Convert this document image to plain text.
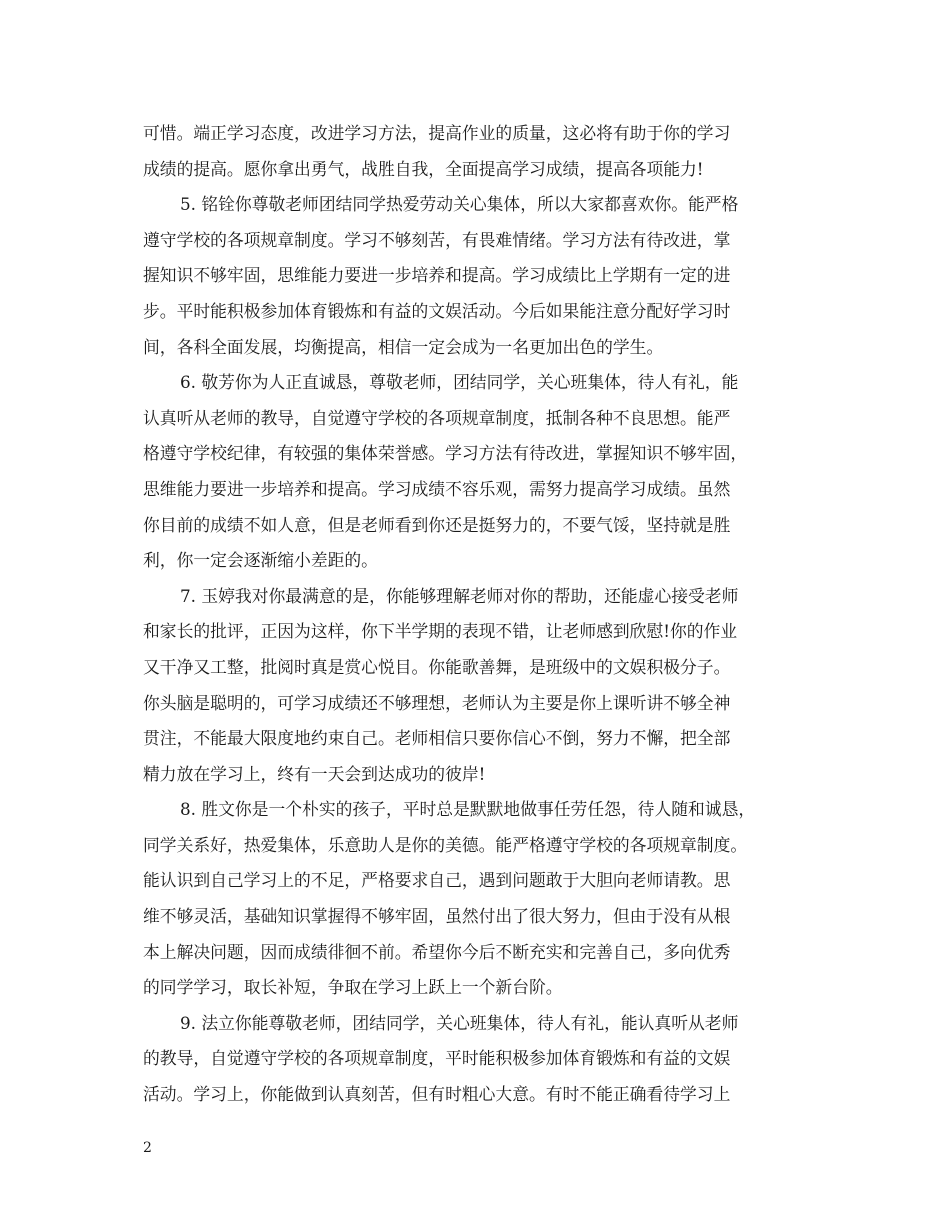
可惜。端正学习态度，改进学习方法，提高作业的质量，这必将有助于你的学习
成绩的提高。愿你拿出勇气，战胜自我，全面提高学习成绩，提高各项能力!
5. 铭铨你尊敬老师团结同学热爱劳动关心集体，所以大家都喜欢你。能严格
遵守学校的各项规章制度。学习不够刻苦，有畏难情绪。学习方法有待改进，掌
握知识不够牢固，思维能力要进一步培养和提高。学习成绩比上学期有一定的进
步。平时能积极参加体育锻炼和有益的文娱活动。今后如果能注意分配好学习时
间，各科全面发展，均衡提高，相信一定会成为一名更加出色的学生。
6. 敬芳你为人正直诚恳，尊敬老师，团结同学，关心班集体，待人有礼，能
认真听从老师的教导，自觉遵守学校的各项规章制度，抵制各种不良思想。能严
格遵守学校纪律，有较强的集体荣誉感。学习方法有待改进，掌握知识不够牢固，
思维能力要进一步培养和提高。学习成绩不容乐观，需努力提高学习成绩。虽然
你目前的成绩不如人意，但是老师看到你还是挺努力的，不要气馁，坚持就是胜
利，你一定会逐渐缩小差距的。
7. 玉婷我对你最满意的是，你能够理解老师对你的帮助，还能虚心接受老师
和家长的批评，正因为这样，你下半学期的表现不错，让老师感到欣慰!你的作业
又干净又工整，批阅时真是赏心悦目。你能歌善舞，是班级中的文娱积极分子。
你头脑是聪明的，可学习成绩还不够理想，老师认为主要是你上课听讲不够全神
贯注，不能最大限度地约束自己。老师相信只要你信心不倒，努力不懈，把全部
精力放在学习上，终有一天会到达成功的彼岸!
8. 胜文你是一个朴实的孩子，平时总是默默地做事任劳任怨，待人随和诚恳，
同学关系好，热爱集体，乐意助人是你的美德。能严格遵守学校的各项规章制度。
能认识到自己学习上的不足，严格要求自己，遇到问题敢于大胆向老师请教。思
维不够灵活，基础知识掌握得不够牢固，虽然付出了很大努力，但由于没有从根
本上解决问题，因而成绩徘徊不前。希望你今后不断充实和完善自己，多向优秀
的同学学习，取长补短，争取在学习上跃上一个新台阶。
9. 法立你能尊敬老师，团结同学，关心班集体，待人有礼，能认真听从老师
的教导，自觉遵守学校的各项规章制度，平时能积极参加体育锻炼和有益的文娱
活动。学习上，你能做到认真刻苦，但有时粗心大意。有时不能正确看待学习上
2
